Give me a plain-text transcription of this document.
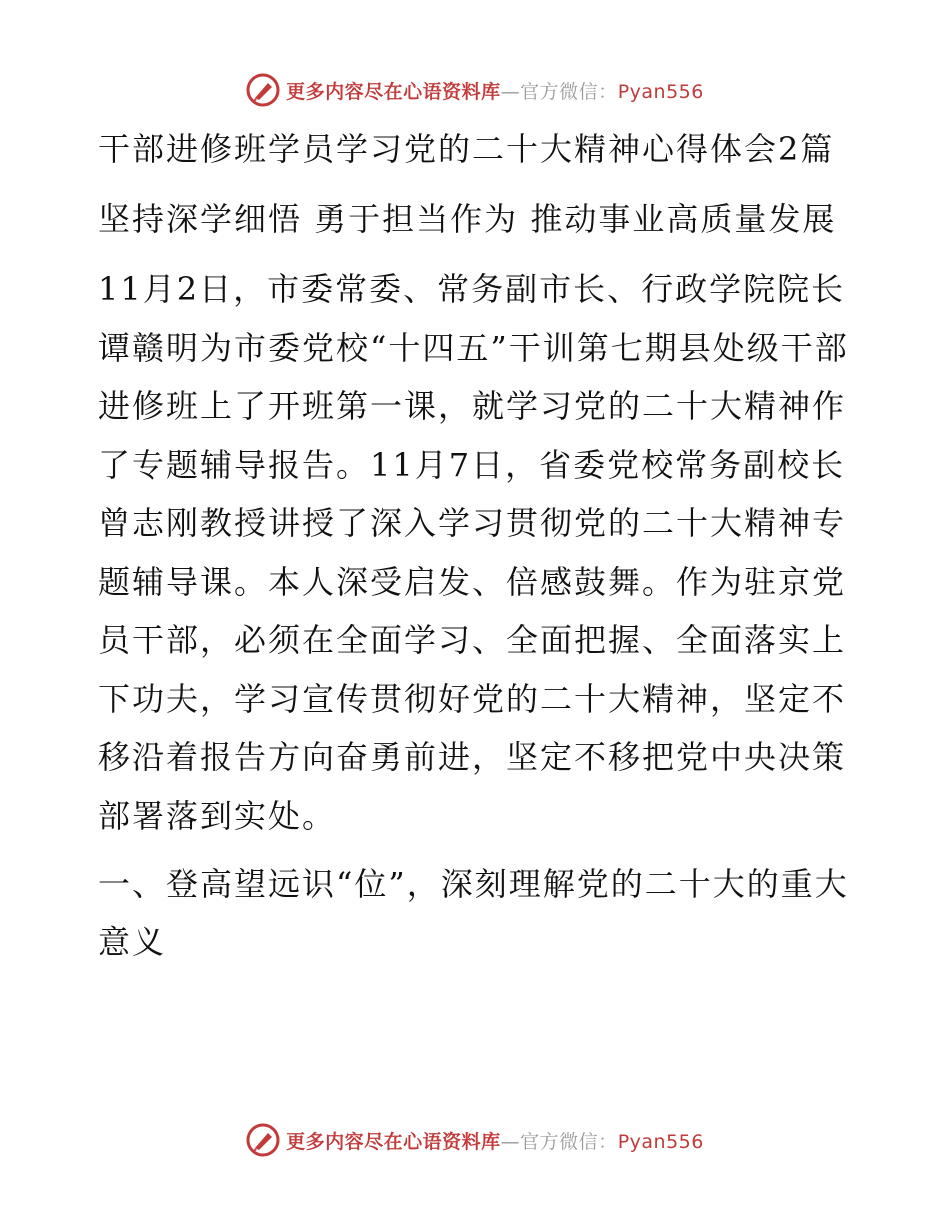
更多内容尽在心语资料库—官方微信：Pyan556

干部进修班学员学习党的二十大精神心得体会2篇

坚持深学细悟 勇于担当作为 推动事业高质量发展

11月2日，市委常委、常务副市长、行政学院院长谭赣明为市委党校“十四五”干训第七期县处级干部进修班上了开班第一课，就学习党的二十大精神作了专题辅导报告。11月7日，省委党校常务副校长曾志刚教授讲授了深入学习贯彻党的二十大精神专题辅导课。本人深受启发、倍感鼓舞。作为驻京党员干部，必须在全面学习、全面把握、全面落实上下功夫，学习宣传贯彻好党的二十大精神，坚定不移沿着报告方向奋勇前进，坚定不移把党中央决策部署落到实处。

一、登高望远识“位”，深刻理解党的二十大的重大意义

更多内容尽在心语资料库—官方微信：Pyan556
